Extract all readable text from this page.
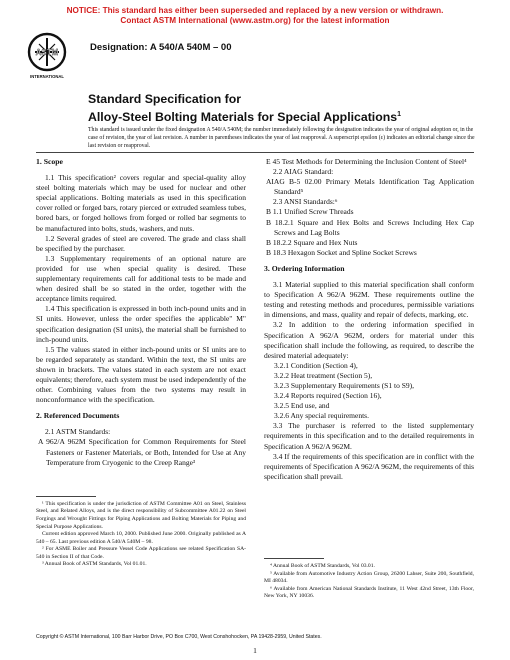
NOTICE: This standard has either been superseded and replaced by a new version or withdrawn.
Contact ASTM International (www.astm.org) for the latest information
ASTM
INTERNATIONAL
Designation: A 540/A 540M – 00
Standard Specification for
Alloy-Steel Bolting Materials for Special Applications$^1$
This standard is issued under the fixed designation A 540/A 540M; the number immediately following the designation indicates the year of original adoption or, in the case of revision, the year of last revision. A number in parentheses indicates the year of last reapproval. A superscript epsilon (ε) indicates an editorial change since the last revision or reapproval.
1. Scope

1.1 This specification² covers regular and special-quality alloy steel bolting materials which may be used for nuclear and other special applications. Bolting materials as used in this specification cover rolled or forged bars, rotary pierced or extruded seamless tubes, bored bars, or forged hollows from forged or rolled bar segments to be manufactured into bolts, studs, washers, and nuts.

1.2 Several grades of steel are covered. The grade and class shall be specified by the purchaser.

1.3 Supplementary requirements of an optional nature are provided for use when special quality is desired. These supplementary requirements call for additional tests to be made and when desired shall be so stated in the order, together with the acceptance limits required.

1.4 This specification is expressed in both inch-pound units and in SI units. However, unless the order specifies the applicable" M" specification designation (SI units), the material shall be furnished to inch-pound units.

1.5 The values stated in either inch-pound units or SI units are to be regarded separately as standard. Within the text, the SI units are shown in brackets. The values stated in each system are not exact equivalents; therefore, each system must be used independently of the other. Combining values from the two systems may result in nonconformance with the specification.

2. Referenced Documents

2.1 ASTM Standards:

A 962/A 962M Specification for Common Requirements for Steel Fasteners or Fastener Materials, or Both, Intended for Use at Any Temperature from Cryogenic to the Creep Range³

¹ This specification is under the jurisdiction of ASTM Committee A01 on Steel, Stainless Steel, and Related Alloys, and is the direct responsibility of Subcommittee A01.22 on Steel Forgings and Wrought Fittings for Piping Applications and Bolting Materials for Piping and Special Purpose Applications.

Current edition approved March 10, 2000. Published June 2000. Originally published as A 540 – 65. Last previous edition A 540/A 540M – 98.

² For ASME Boiler and Pressure Vessel Code Applications see related Specification SA-540 in Section II of that Code.

³ Annual Book of ASTM Standards, Vol 01.01.

E 45 Test Methods for Determining the Inclusion Content of Steel⁴

2.2 AIAG Standard:

AIAG B-5 02.00 Primary Metals Identification Tag Application Standard⁵

2.3 ANSI Standards:⁶

B 1.1 Unified Screw Threads

B 18.2.1 Square and Hex Bolts and Screws Including Hex Cap Screws and Lag Bolts

B 18.2.2 Square and Hex Nuts

B 18.3 Hexagon Socket and Spline Socket Screws

3. Ordering Information

3.1 Material supplied to this material specification shall conform to Specification A 962/A 962M. These requirements outline the testing and retesting methods and procedures, permissible variations in dimensions, and mass, quality and repair of defects, marking, etc.

3.2 In addition to the ordering information specified in Specification A 962/A 962M, orders for material under this specification shall include the following, as required, to describe the desired material adequately:

3.2.1 Condition (Section 4),

3.2.2 Heat treatment (Section 5),

3.2.3 Supplementary Requirements (S1 to S9),

3.2.4 Reports required (Section 16),

3.2.5 End use, and

3.2.6 Any special requirements.

3.3 The purchaser is referred to the listed supplementary requirements in this specification and to the detailed requirements in Specification A 962/A 962M.

3.4 If the requirements of this specification are in conflict with the requirements of Specification A 962/A 962M, the requirements of this specification shall prevail.

⁴ Annual Book of ASTM Standards, Vol 03.01.

⁵ Available from Automotive Industry Action Group, 26200 Lahser, Suite 200, Southfield, MI 48034.

⁶ Available from American National Standards Institute, 11 West 42nd Street, 13th Floor, New York, NY 10036.

Copyright © ASTM International, 100 Barr Harbor Drive, PO Box C700, West Conshohocken, PA 19428-2959, United States.
1
